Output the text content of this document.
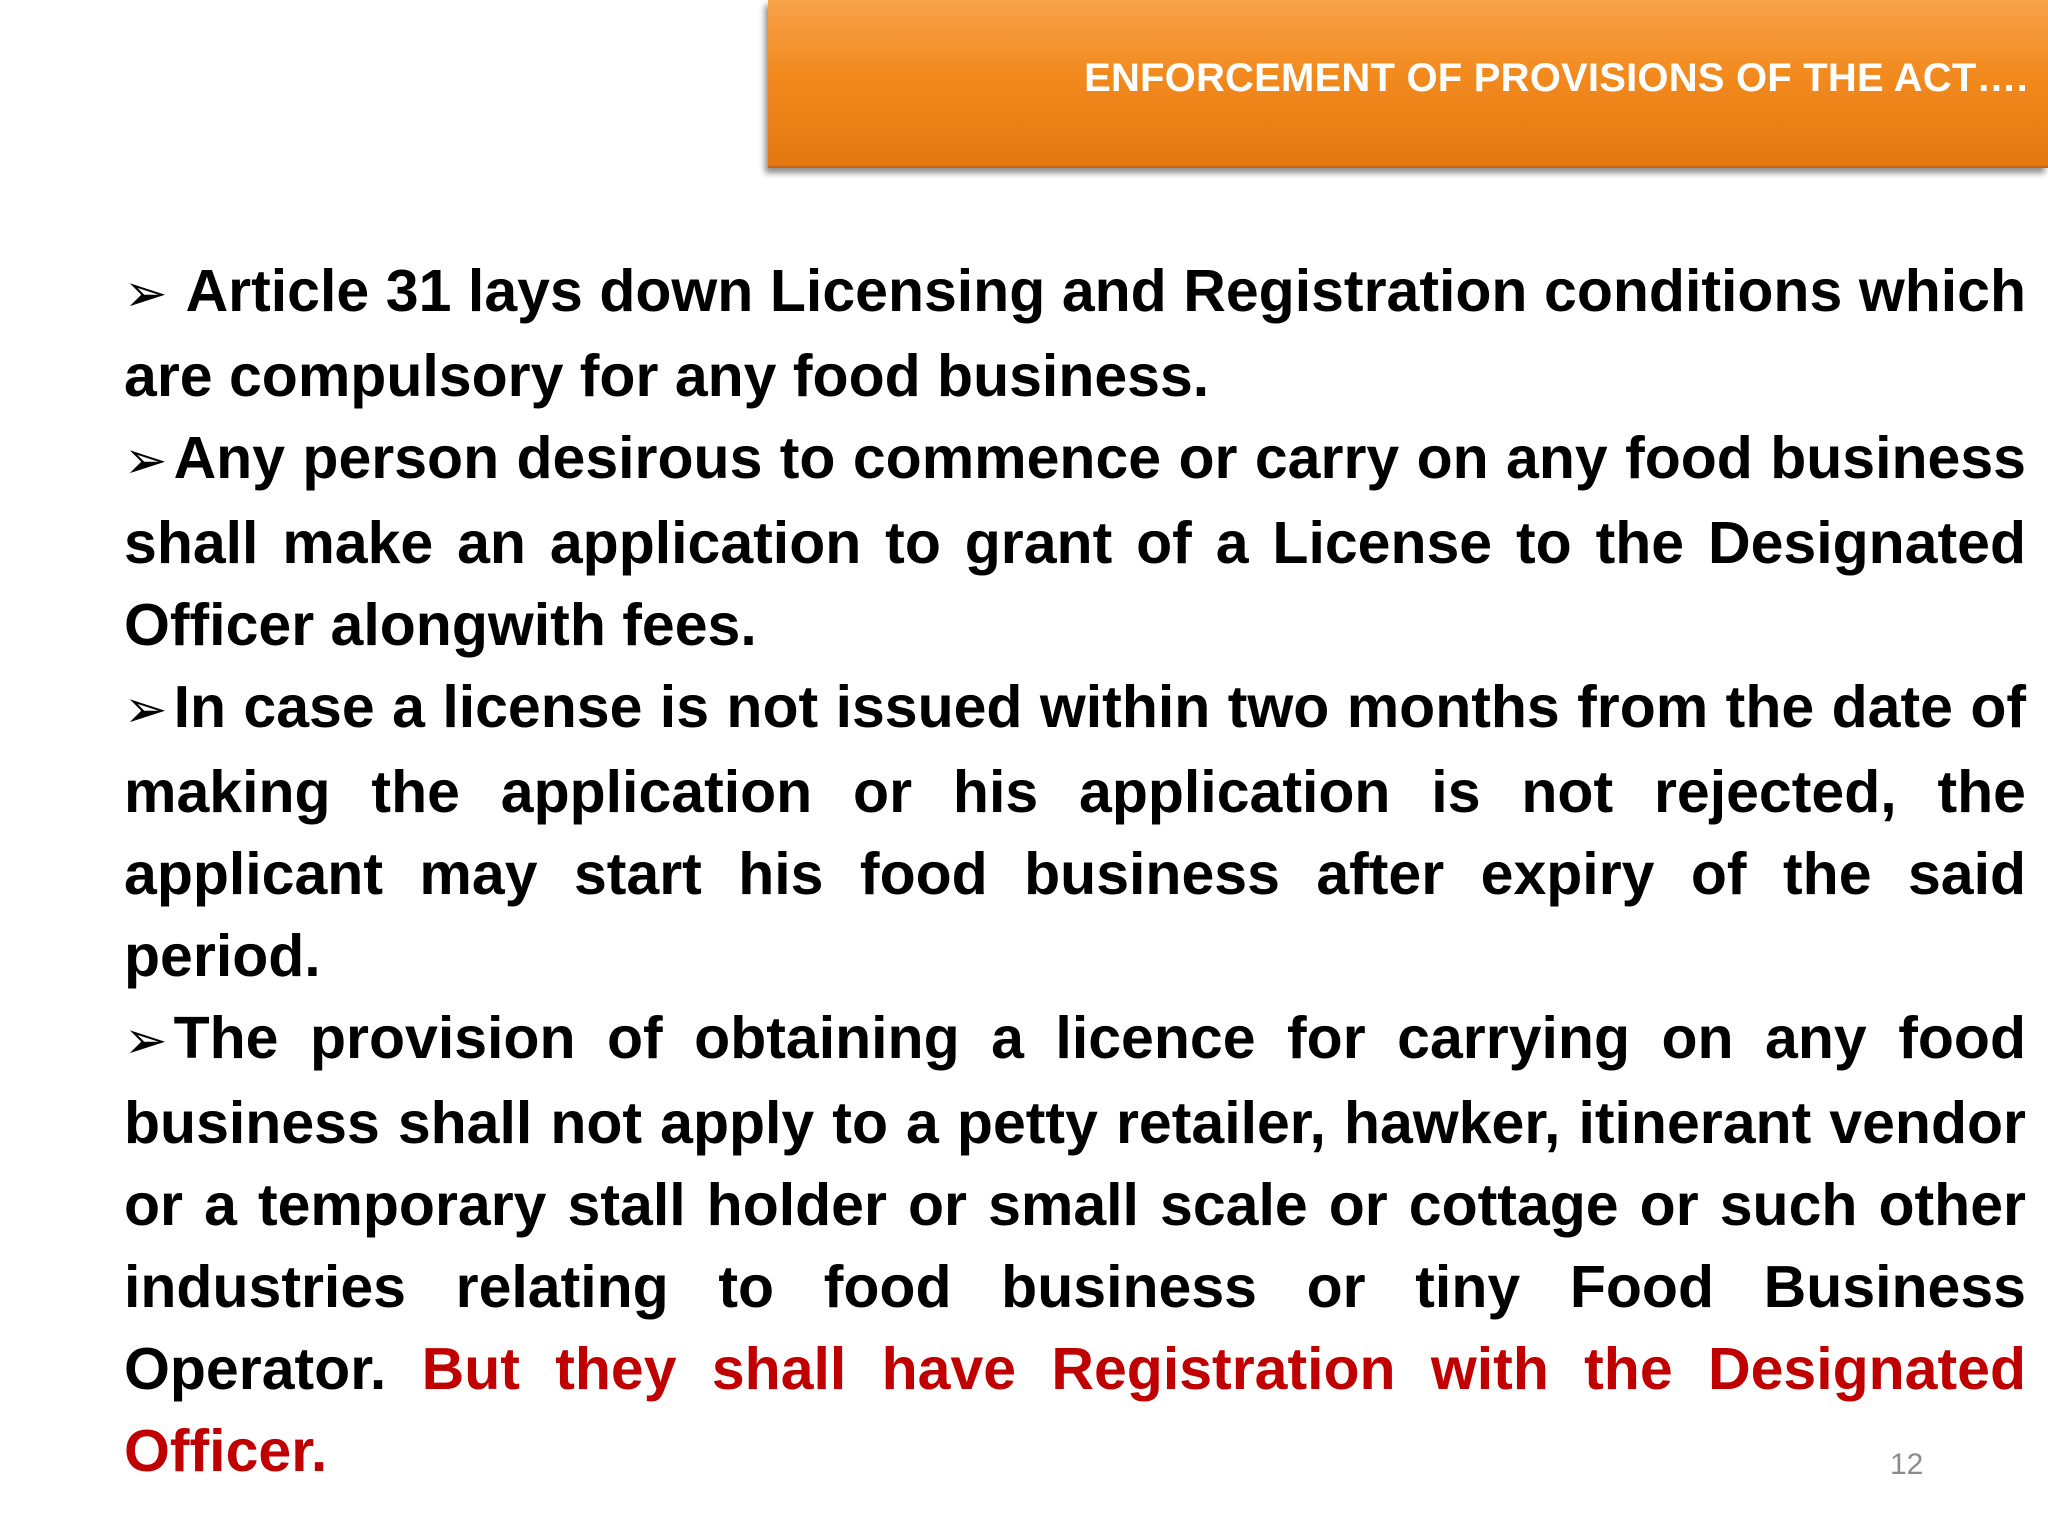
ENFORCEMENT OF PROVISIONS OF THE ACT….

➢ Article 31 lays down Licensing and Registration conditions which are compulsory for any food business.

➢ Any person desirous to commence or carry on any food business shall make an application to grant of a License to the Designated Officer alongwith fees.

➢ In case a license is not issued within two months from the date of making the application or his application is not rejected, the applicant may start his food business after expiry of the said period.

➢ The provision of obtaining a licence for carrying on any food business shall not apply to a petty retailer, hawker, itinerant vendor or a temporary stall holder or small scale or cottage or such other industries relating to food business or tiny Food Business Operator. But they shall have Registration with the Designated Officer.	12
